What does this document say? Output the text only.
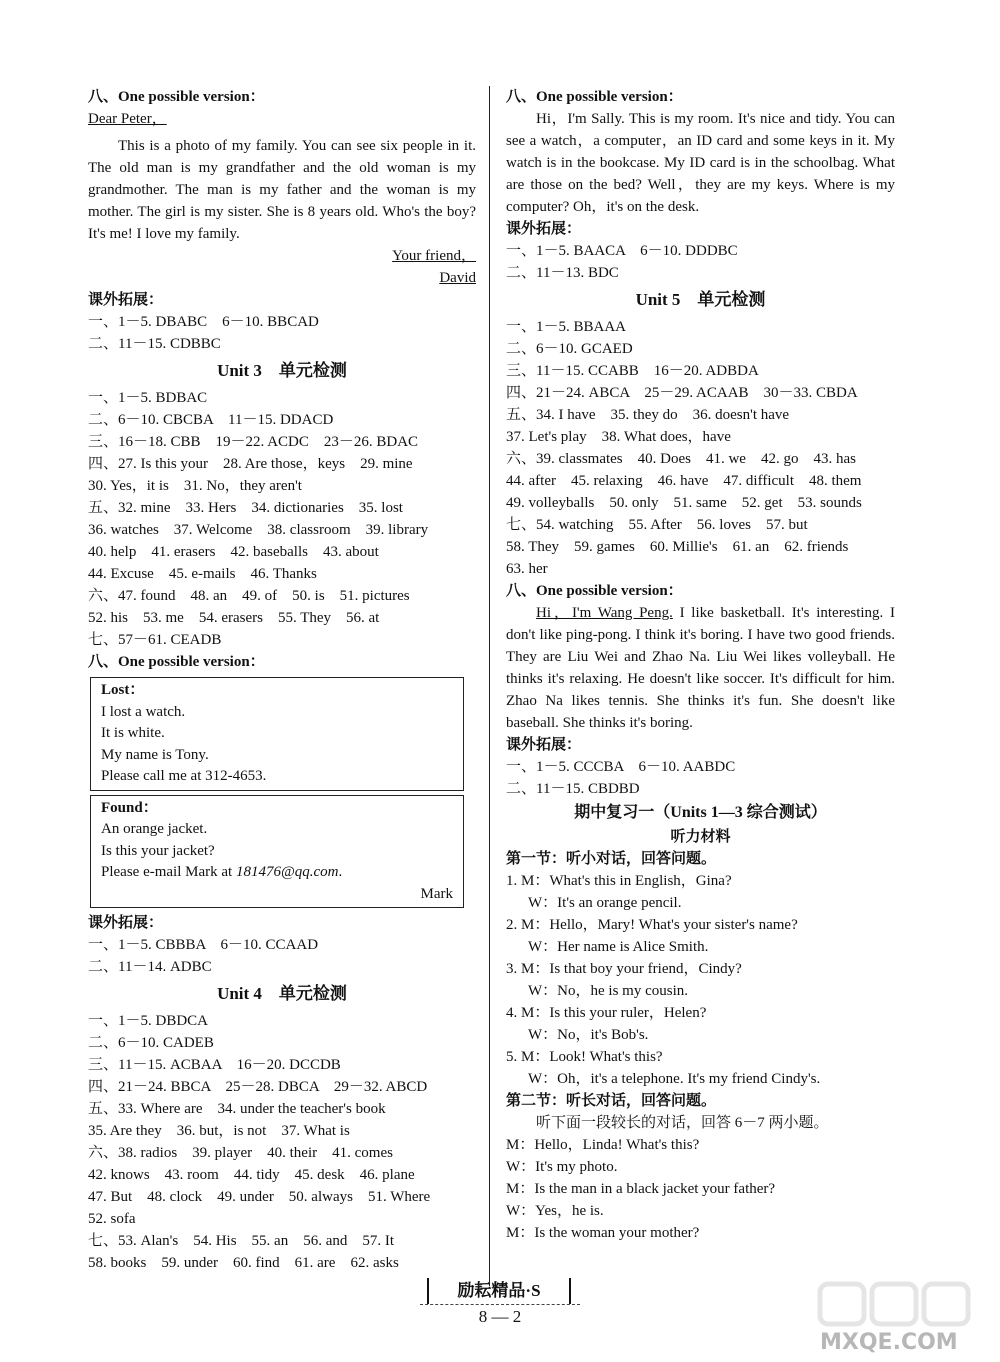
八、One possible version：
Dear Peter，
This is a photo of my family. You can see six people in it. The old man is my grandfather and the old woman is my grandmother. The man is my father and the woman is my mother. The girl is my sister. She is 8 years old. Who's the boy? It's me! I love my family.
Your friend，
David
课外拓展：
一、1－5. DBABC　6－10. BBCAD
二、11－15. CDBBC
Unit 3　单元检测
一、1－5. BDBAC
二、6－10. CBCBA　11－15. DDACD
三、16－18. CBB　19－22. ACDC　23－26. BDAC
四、27. Is this your　28. Are those，keys　29. mine
30. Yes，it is　31. No，they aren't
五、32. mine　33. Hers　34. dictionaries　35. lost
36. watches　37. Welcome　38. classroom　39. library
40. help　41. erasers　42. baseballs　43. about
44. Excuse　45. e-mails　46. Thanks
六、47. found　48. an　49. of　50. is　51. pictures
52. his　53. me　54. erasers　55. They　56. at
七、57－61. CEADB
八、One possible version：
Lost：
I lost a watch.
It is white.
My name is Tony.
Please call me at 312-4653.
Found：
An orange jacket.
Is this your jacket?
Please e-mail Mark at 181476@qq.com.
Mark
课外拓展：
一、1－5. CBBBA　6－10. CCAAD
二、11－14. ADBC
Unit 4　单元检测
一、1－5. DBDCA
二、6－10. CADEB
三、11－15. ACBAA　16－20. DCCDB
四、21－24. BBCA　25－28. DBCA　29－32. ABCD
五、33. Where are　34. under the teacher's book
35. Are they　36. but，is not　37. What is
六、38. radios　39. player　40. their　41. comes
42. knows　43. room　44. tidy　45. desk　46. plane
47. But　48. clock　49. under　50. always　51. Where
52. sofa
七、53. Alan's　54. His　55. an　56. and　57. It
58. books　59. under　60. find　61. are　62. asks
八、One possible version：
Hi，I'm Sally. This is my room. It's nice and tidy. You can see a watch，a computer，an ID card and some keys in it. My watch is in the bookcase. My ID card is in the schoolbag. What are those on the bed? Well，they are my keys. Where is my computer? Oh，it's on the desk.
课外拓展：
一、1－5. BAACA　6－10. DDDBC
二、11－13. BDC
Unit 5　单元检测
一、1－5. BBAAA
二、6－10. GCAED
三、11－15. CCABB　16－20. ADBDA
四、21－24. ABCA　25－29. ACAAB　30－33. CBDA
五、34. I have　35. they do　36. doesn't have
37. Let's play　38. What does，have
六、39. classmates　40. Does　41. we　42. go　43. has
44. after　45. relaxing　46. have　47. difficult　48. them
49. volleyballs　50. only　51. same　52. get　53. sounds
七、54. watching　55. After　56. loves　57. but
58. They　59. games　60. Millie's　61. an　62. friends
63. her
八、One possible version：
Hi，I'm Wang Peng. I like basketball. It's interesting. I don't like ping-pong. I think it's boring. I have two good friends. They are Liu Wei and Zhao Na. Liu Wei likes volleyball. He thinks it's relaxing. He doesn't like soccer. It's difficult for him. Zhao Na likes tennis. She thinks it's fun. She doesn't like baseball. She thinks it's boring.
课外拓展：
一、1－5. CCCBA　6－10. AABDC
二、11－15. CBDBD
期中复习一（Units 1—3 综合测试）
听力材料
第一节：听小对话，回答问题。
1. M：What's this in English，Gina?
W：It's an orange pencil.
2. M：Hello，Mary! What's your sister's name?
W：Her name is Alice Smith.
3. M：Is that boy your friend，Cindy?
W：No，he is my cousin.
4. M：Is this your ruler，Helen?
W：No，it's Bob's.
5. M：Look! What's this?
W：Oh，it's a telephone. It's my friend Cindy's.
第二节：听长对话，回答问题。
听下面一段较长的对话，回答 6－7 两小题。
M：Hello，Linda! What's this?
W：It's my photo.
M：Is the man in a black jacket your father?
W：Yes，he is.
M：Is the woman your mother?
励耘精品·S
8 — 2
MXQE.COM
